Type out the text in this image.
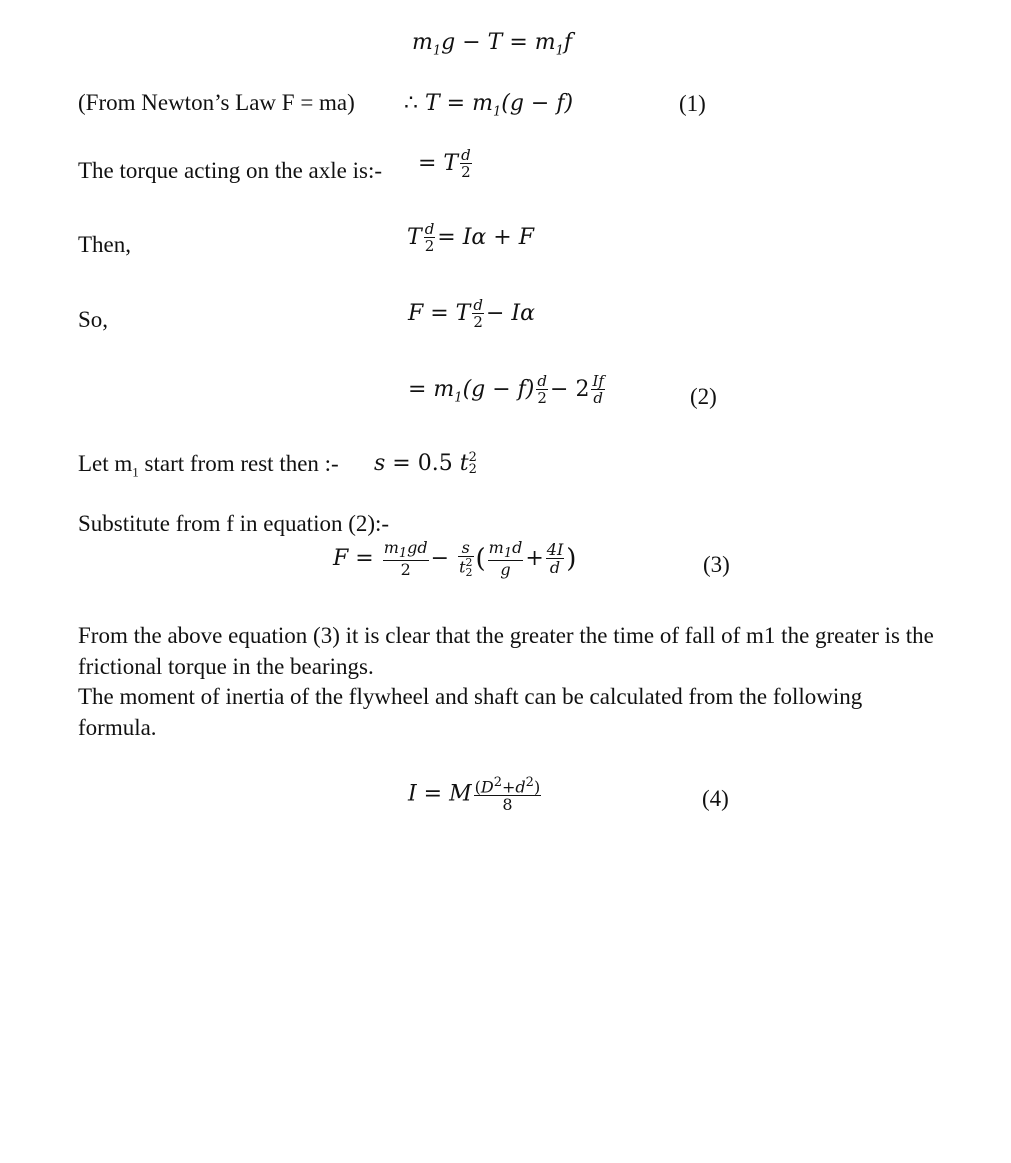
$m_1g - T = m_1f$
(From Newton’s Law F = ma) ∴ $T = m_1(g - f)$	(1)
The torque acting on the axle is:- = T $\frac{d}{2}$
Then,	T $\frac{d}{2} = I\alpha + F$
So,	F = T $\frac{d}{2} - I\alpha$
= $m_1(g - f) \frac{d}{2} - 2 \frac{If}{d}$	(2)
Let $m_1$ start from rest then :- s = 0.5 t 2
2
Substitute from f in equation (2):-
$F = \frac{m_1gd}{2} - s$
t 2
2 ( $\frac{m_1d}{g} + \frac{4I}{d}$ )	(3)
From the above equation (3) it is clear that the greater the time of fall of m1 the greater is the frictional torque in the bearings.
The moment of inertia of the flywheel and shaft can be calculated from the following formula.
I = M $\frac{(D^2+d^2)}{8}$	(4)
